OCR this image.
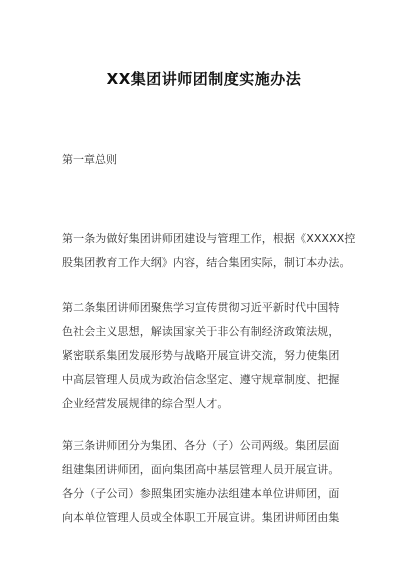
XX集团讲师团制度实施办法
第一章总则
第一条为做好集团讲师团建设与管理工作，根据《XXXXX控
股集团教育工作大纲》内容，结合集团实际，制订本办法。
第二条集团讲师团聚焦学习宣传贯彻习近平新时代中国特
色社会主义思想，解读国家关于非公有制经济政策法规，
紧密联系集团发展形势与战略开展宣讲交流，努力使集团
中高层管理人员成为政治信念坚定、遵守规章制度、把握
企业经营发展规律的综合型人才。
第三条讲师团分为集团、各分（子）公司两级。集团层面
组建集团讲师团，面向集团高中基层管理人员开展宣讲。
各分（子公司）参照集团实施办法组建本单位讲师团，面
向本单位管理人员或全体职工开展宣讲。集团讲师团由集
